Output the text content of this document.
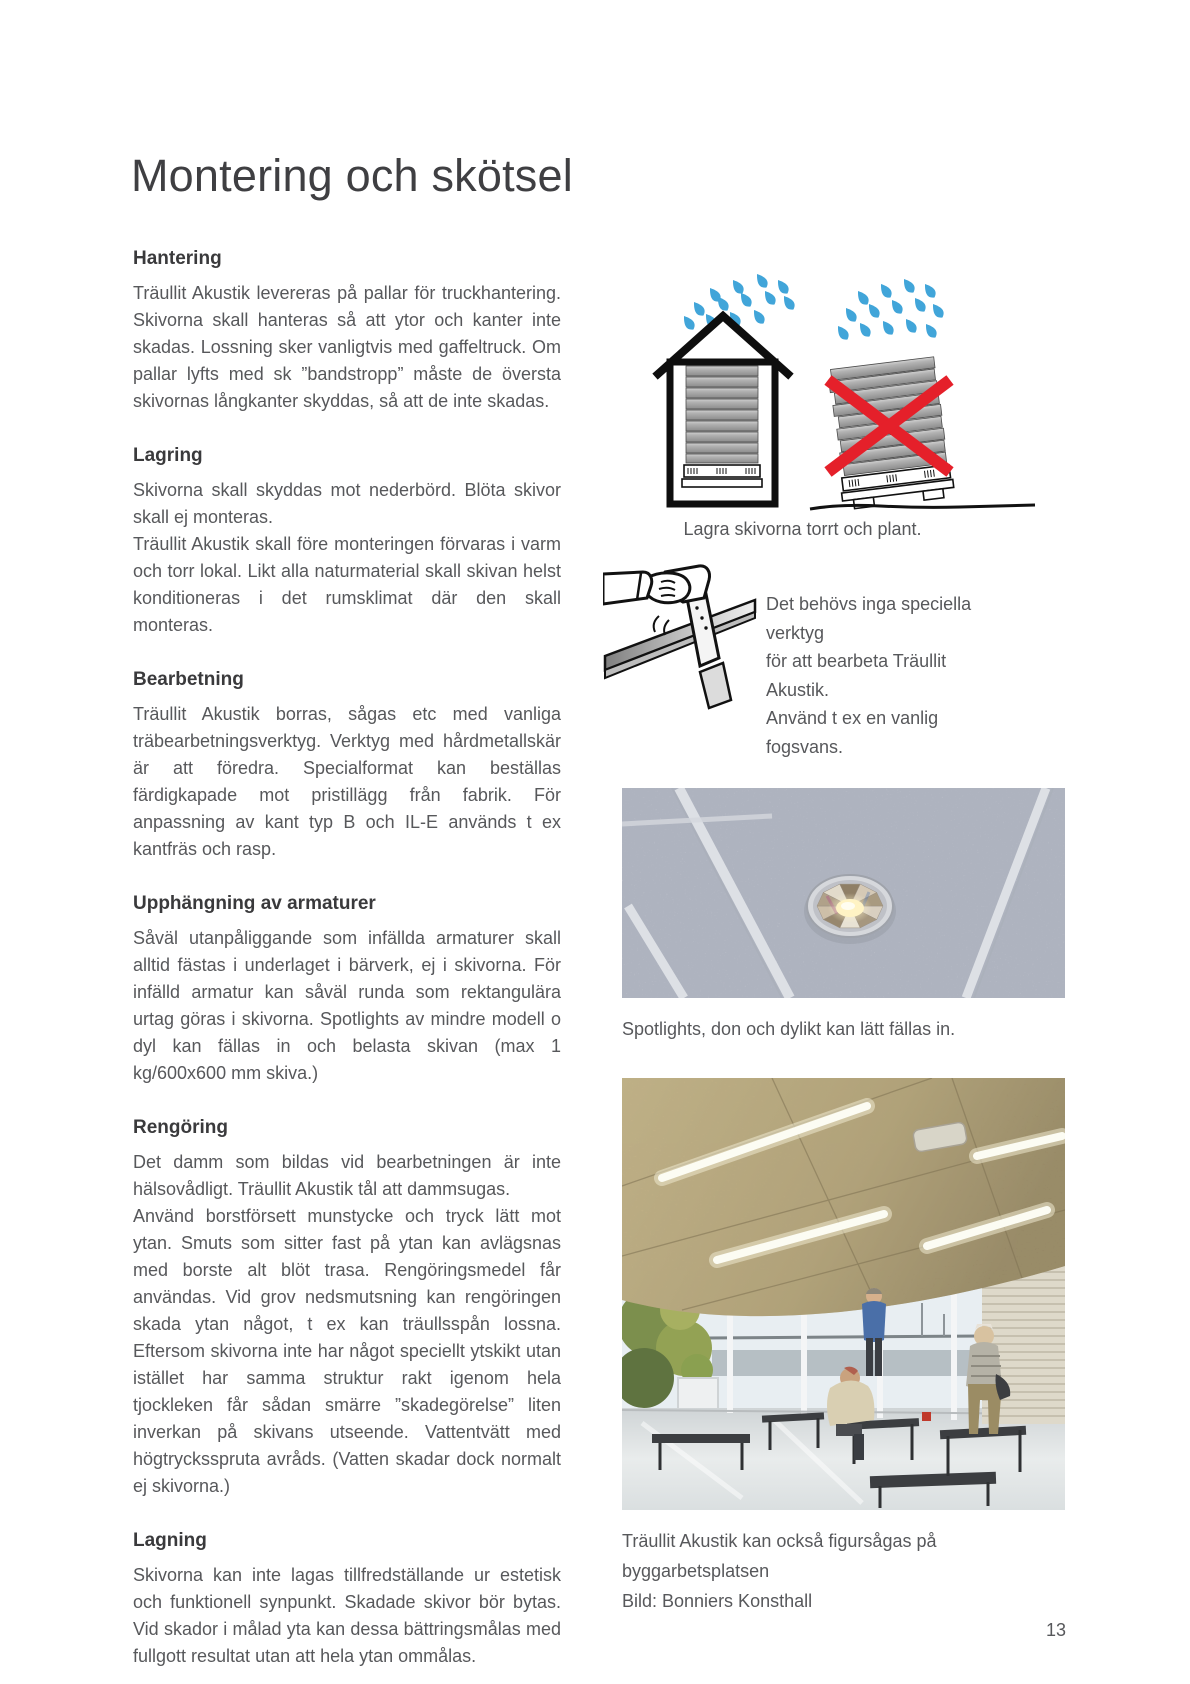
Montering och skötsel
Hantering

Träullit Akustik levereras på pallar för truckhantering. Skivorna skall hanteras så att ytor och kanter inte skadas. Lossning sker vanligtvis med gaffeltruck. Om pallar lyfts med sk ”bandstropp” måste de översta skivornas långkanter skyddas, så att de inte skadas.

Lagring

Skivorna skall skyddas mot nederbörd. Blöta skivor skall ej monteras.

Träullit Akustik skall före monteringen förvaras i varm och torr lokal. Likt alla naturmaterial skall skivan helst konditioneras i det rumsklimat där den skall monteras.

Bearbetning

Träullit Akustik borras, sågas etc med vanliga träbearbetningsverktyg. Verktyg med hårdmetallskär är att föredra. Specialformat kan beställas färdigkapade mot pristillägg från fabrik. För anpassning av kant typ B och IL-E används t ex kantfräs och rasp.

Upphängning av armaturer

Såväl utanpåliggande som infällda armaturer skall alltid fästas i underlaget i bärverk, ej i skivorna. För infälld armatur kan såväl runda som rektangulära urtag göras i skivorna. Spotlights av mindre modell o dyl kan fällas in och belasta skivan (max 1 kg/600x600 mm skiva.)

Rengöring

Det damm som bildas vid bearbetningen är inte hälsovådligt. Träullit Akustik tål att dammsugas.

Använd borstförsett munstycke och tryck lätt mot ytan. Smuts som sitter fast på ytan kan avlägsnas med borste alt blöt trasa. Rengöringsmedel får användas. Vid grov nedsmutsning kan rengöringen skada ytan något, t ex kan träullsspån lossna. Eftersom skivorna inte har något speciellt ytskikt utan istället har samma struktur rakt igenom hela tjockleken får sådan smärre ”skadegörelse” liten inverkan på skivans utseende. Vattentvätt med högtrycksspruta avråds. (Vatten skadar dock normalt ej skivorna.)

Lagning

Skivorna kan inte lagas tillfredställande ur estetisk och funktionell synpunkt. Skadade skivor bör bytas. Vid skador i målad yta kan dessa bättringsmålas med fullgott resultat utan att hela ytan ommålas.

Lagra skivorna torrt och plant.
Det behövs inga speciella verktyg
för att bearbeta Träullit Akustik.
Använd t ex en vanlig fogsvans.
Spotlights, don och dylikt kan lätt fällas in.
Träullit Akustik kan också figursågas på byggarbetsplatsen
Bild: Bonniers Konsthall
13
